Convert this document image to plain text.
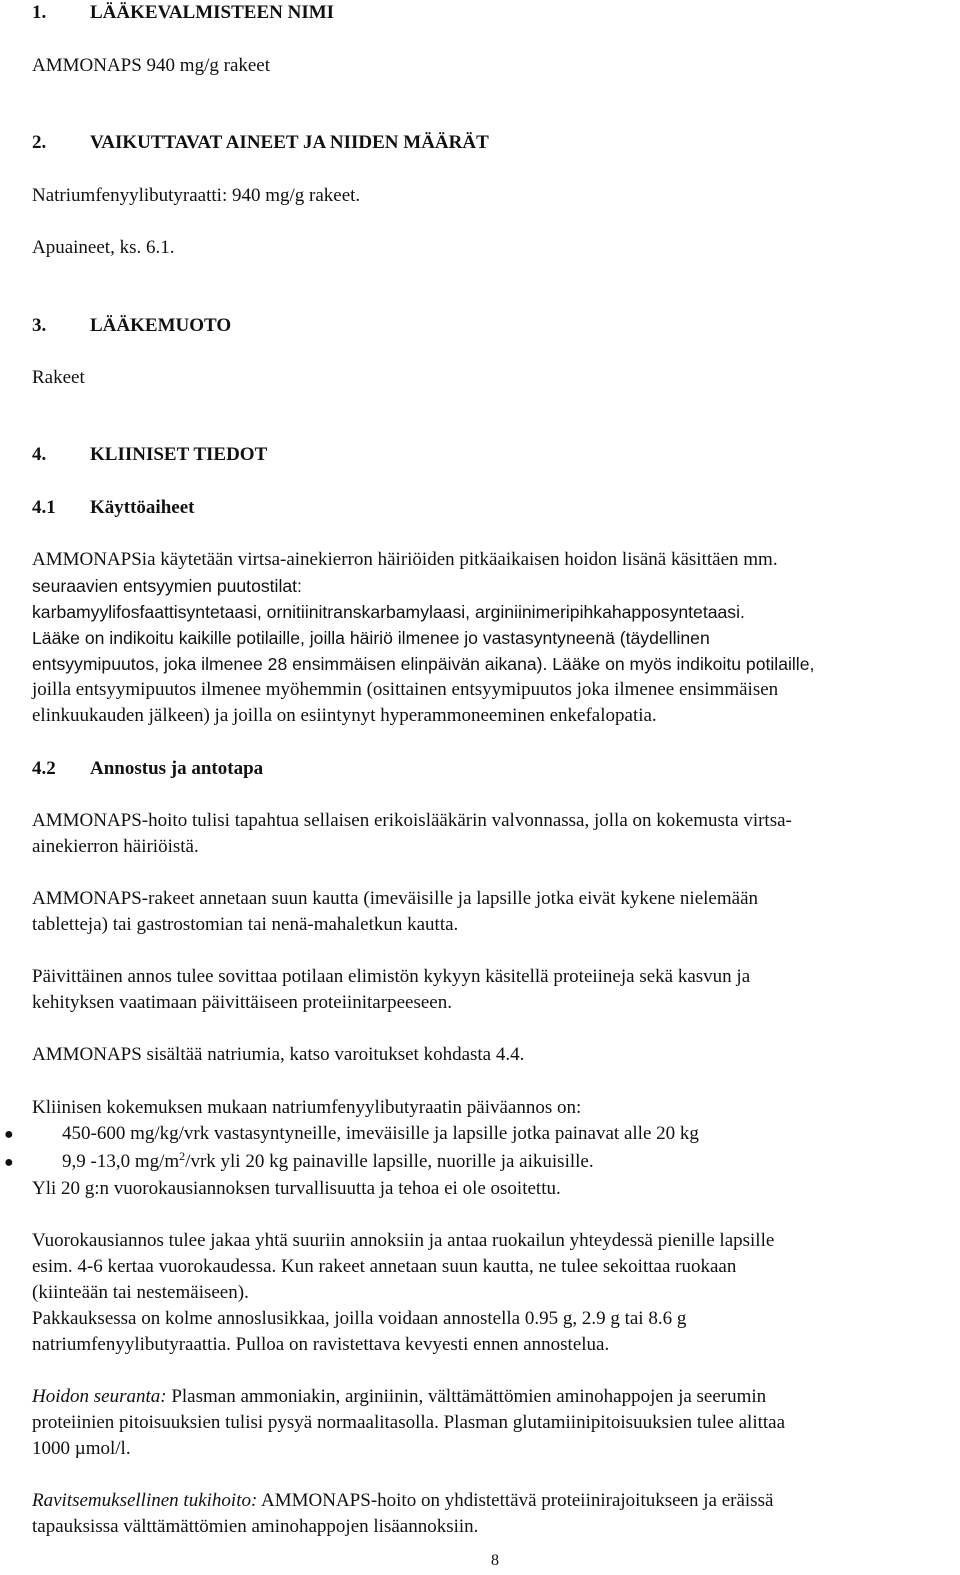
1. LÄÄKEVALMISTEEN NIMI
AMMONAPS 940 mg/g rakeet
2. VAIKUTTAVAT AINEET JA NIIDEN MÄÄRÄT
Natriumfenyylibutyraatti: 940 mg/g rakeet.
Apuaineet, ks. 6.1.
3. LÄÄKEMUOTO
Rakeet
4. KLIINISET TIEDOT
4.1 Käyttöaiheet
AMMONAPSia käytetään virtsa-ainekierron häiriöiden pitkäaikaisen hoidon lisänä käsittäen mm.
seuraavien entsyymien puutostilat:
karbamyylifosfaattisyntetaasi, ornitiinitranskarbamylaasi, arginiinimeripihkahapposyntetaasi.
Lääke on indikoitu kaikille potilaille, joilla häiriö ilmenee jo vastasyntyneenä (täydellinen
entsyymipuutos, joka ilmenee 28 ensimmäisen elinpäivän aikana). Lääke on myös indikoitu potilaille,
joilla entsyymipuutos ilmenee myöhemmin (osittainen entsyymipuutos joka ilmenee ensimmäisen
elinkuukauden jälkeen) ja joilla on esiintynyt hyperammoneeminen enkefalopatia.
4.2 Annostus ja antotapa
AMMONAPS-hoito tulisi tapahtua sellaisen erikoislääkärin valvonnassa, jolla on kokemusta virtsa-
ainekierron häiriöistä.
AMMONAPS-rakeet annetaan suun kautta (imeväisille ja lapsille jotka eivät kykene nielemään
tabletteja) tai gastrostomian tai nenä-mahaletkun kautta.
Päivittäinen annos tulee sovittaa potilaan elimistön kykyyn käsitellä proteiineja sekä kasvun ja
kehityksen vaatimaan päivittäiseen proteiinitarpeeseen.
AMMONAPS sisältää natriumia, katso varoitukset kohdasta 4.4.
Kliinisen kokemuksen mukaan natriumfenyylibutyraatin päiväannos on:
●	450-600 mg/kg/vrk vastasyntyneille, imeväisille ja lapsille jotka painavat alle 20 kg
●	9,9 -13,0 $mg/m^2$/vrk yli 20 kg painaville lapsille, nuorille ja aikuisille.
Yli 20 g:n vuorokausiannoksen turvallisuutta ja tehoa ei ole osoitettu.
Vuorokausiannos tulee jakaa yhtä suuriin annoksiin ja antaa ruokailun yhteydessä pienille lapsille
esim. 4-6 kertaa vuorokaudessa. Kun rakeet annetaan suun kautta, ne tulee sekoittaa ruokaan
(kiinteään tai nestemäiseen).
Pakkauksessa on kolme annoslusikkaa, joilla voidaan annostella 0.95 g, 2.9 g tai 8.6 g
natriumfenyylibutyraattia. Pulloa on ravistettava kevyesti ennen annostelua.
Hoidon seuranta: Plasman ammoniakin, arginiinin, välttämättömien aminohappojen ja seerumin
proteiinien pitoisuuksien tulisi pysyä normaalitasolla. Plasman glutamiinipitoisuuksien tulee alittaa
1000 µmol/l.
Ravitsemuksellinen tukihoito: AMMONAPS-hoito on yhdistettävä proteiinirajoitukseen ja eräissä
tapauksissa välttämättömien aminohappojen lisäannoksiin.
8
